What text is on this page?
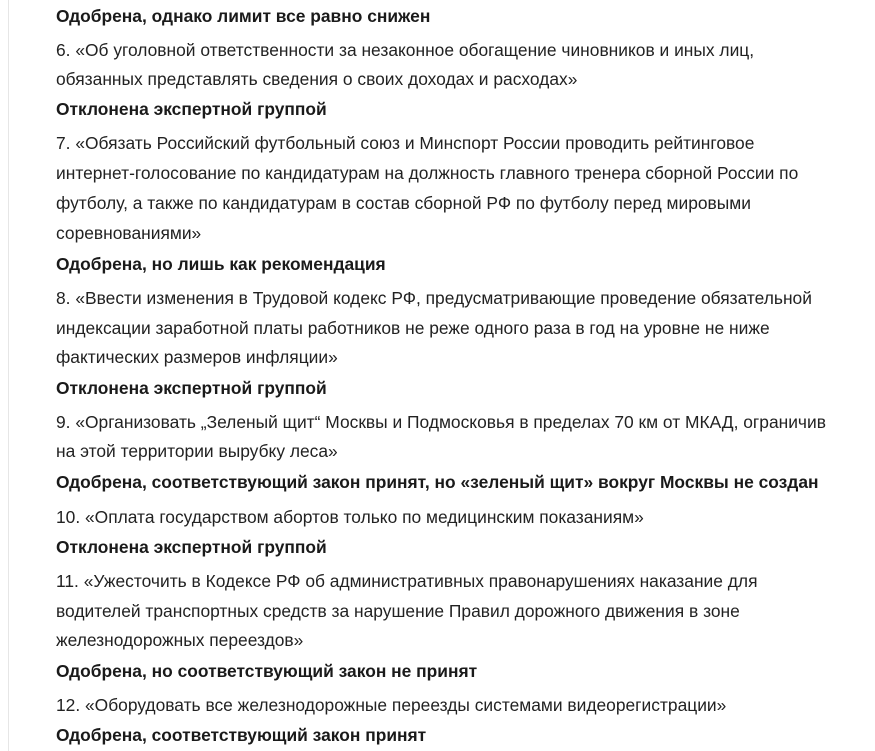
Одобрена, однако лимит все равно снижен
6. «Об уголовной ответственности за незаконное обогащение чиновников и иных лиц,
обязанных представлять сведения о своих доходах и расходах»
Отклонена экспертной группой
7. «Обязать Российский футбольный союз и Минспорт России проводить рейтинговое
интернет-голосование по кандидатурам на должность главного тренера сборной России по
футболу, а также по кандидатурам в состав сборной РФ по футболу перед мировыми
соревнованиями»
Одобрена, но лишь как рекомендация
8. «Ввести изменения в Трудовой кодекс РФ, предусматривающие проведение обязательной
индексации заработной платы работников не реже одного раза в год на уровне не ниже
фактических размеров инфляции»
Отклонена экспертной группой
9. «Организовать „Зеленый щит“ Москвы и Подмосковья в пределах 70 км от МКАД, ограничив
на этой территории вырубку леса»
Одобрена, соответствующий закон принят, но «зеленый щит» вокруг Москвы не создан
10. «Оплата государством абортов только по медицинским показаниям»
Отклонена экспертной группой
11. «Ужесточить в Кодексе РФ об административных правонарушениях наказание для
водителей транспортных средств за нарушение Правил дорожного движения в зоне
железнодорожных переездов»
Одобрена, но соответствующий закон не принят
12. «Оборудовать все железнодорожные переезды системами видеорегистрации»
Одобрена, соответствующий закон принят
